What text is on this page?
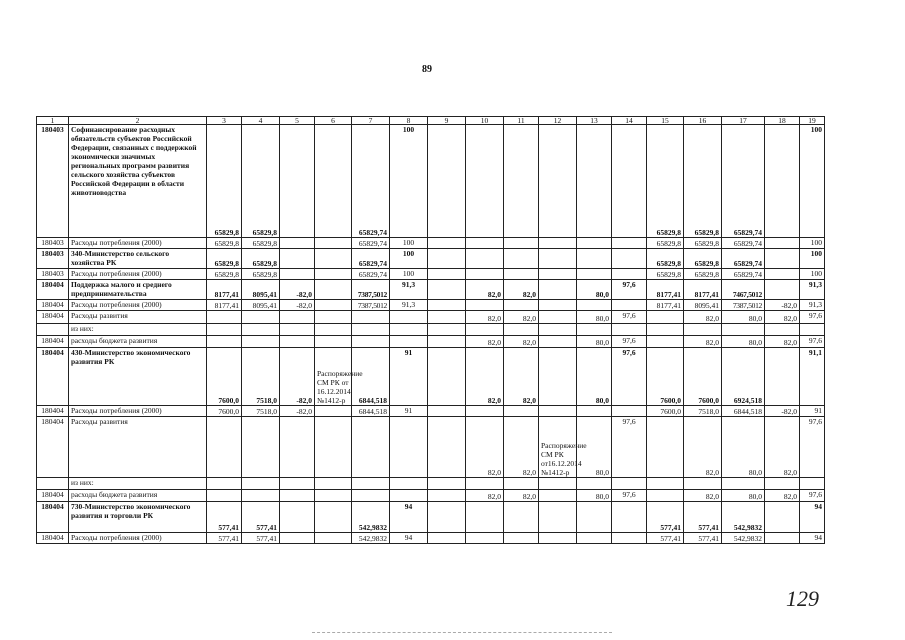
89
1	2	3	4	5	6	7	8	9	10	11	12	13	14	15	16	17	18	19
180403	Софинансирование расходных обязательств субъектов Российской Федерации, связанных с поддержкой экономически значимых региональных программ развития сельского хозяйства субъектов Российской Федерации в области животноводства	65829,8	65829,8			65829,74	100							65829,8	65829,8	65829,74		100
180403	Расходы потребления (2000)	65829,8	65829,8			65829,74	100							65829,8	65829,8	65829,74		100
180403	340-Министерство сельского хозяйства РК	65829,8	65829,8			65829,74	100							65829,8	65829,8	65829,74		100
180403	Расходы потребления (2000)	65829,8	65829,8			65829,74	100							65829,8	65829,8	65829,74		100
180404	Поддержка малого и среднего предпринимательства	8177,41	8095,41	-82,0		7387,5012	91,3		82,0	82,0		80,0	97,6	8177,41	8177,41	7467,5012		91,3
180404	Расходы потребления (2000)	8177,41	8095,41	-82,0		7387,5012	91,3							8177,41	8095,41	7387,5012	-82,0	91,3
180404	Расходы развития								82,0	82,0		80,0	97,6		82,0	80,0	82,0	97,6
	из них:																	
180404	расходы бюджета развития								82,0	82,0		80,0	97,6		82,0	80,0	82,0	97,6
180404	430-Министерство экономического развития РК	7600,0	7518,0	-82,0	Распоряжение СМ РК от 16.12.2014 №1412-р	6844,518	91		82,0	82,0		80,0	97,6	7600,0	7600,0	6924,518		91,1
180404	Расходы потребления (2000)	7600,0	7518,0	-82,0		6844,518	91							7600,0	7518,0	6844,518	-82,0	91
180404	Расходы развития								82,0	82,0	Распоряжение СМ РК от16.12.2014 №1412-р	80,0	97,6		82,0	80,0	82,0	97,6
	из них:																	
180404	расходы бюджета развития								82,0	82,0		80,0	97,6		82,0	80,0	82,0	97,6
180404	730-Министерство экономического развития и торговли РК	577,41	577,41			542,9832	94							577,41	577,41	542,9832		94
180404	Расходы потребления (2000)	577,41	577,41			542,9832	94							577,41	577,41	542,9832		94
129
